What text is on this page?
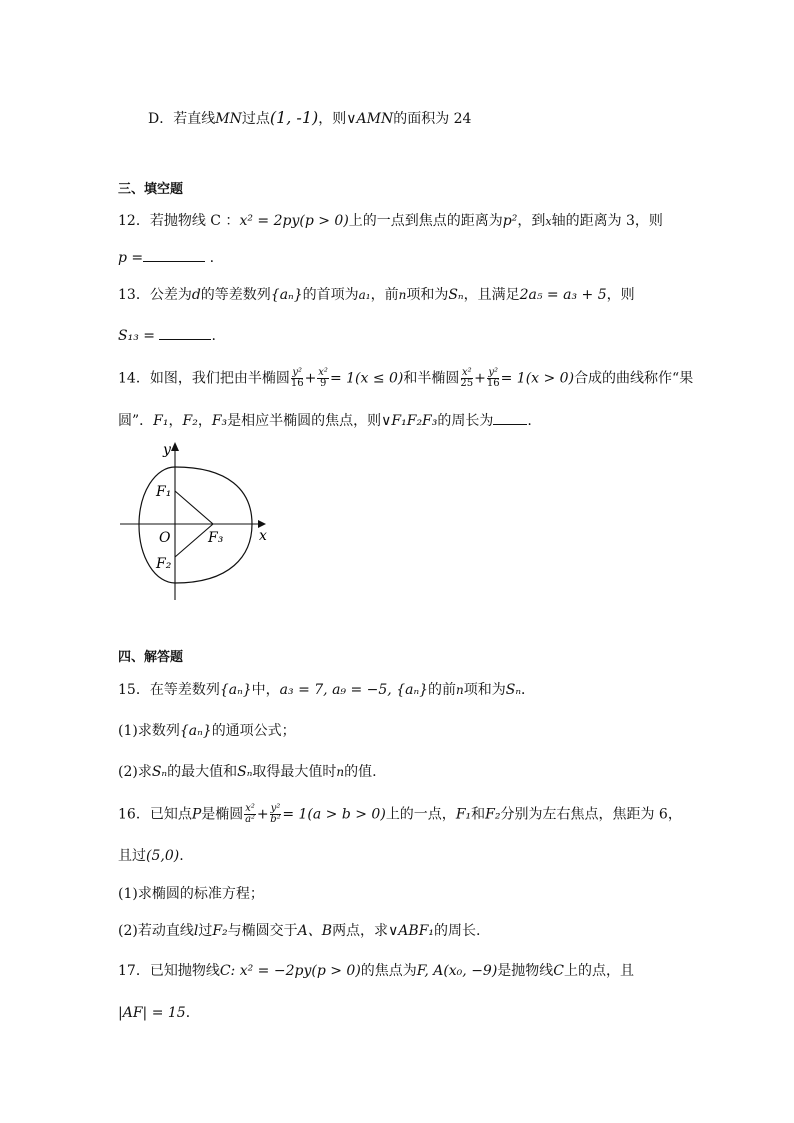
D．若直线MN过点(1, -1)，则∨AMN的面积为 24
三、填空题
12．若抛物线 C ：x² = 2py(p > 0)上的一点到焦点的距离为p²，到x轴的距离为 3，则
p =	.
13．公差为d的等差数列{aₙ}的首项为a₁，前n项和为Sₙ，且满足2a₅ = a₃ + 5，则
S₁₃ =	.
14．如图，我们把由半椭圆 $\frac{\text{y²}}{16} + \frac{\text{x²}}{9} = 1(x \le 0)$和半椭圆 $\frac{\text{x²}}{25} + \frac{\text{y²}}{16} = 1(x > 0)$合成的曲线称作“果
圆”．F₁，F₂，F₃是相应半椭圆的焦点，则∨F₁F₂F₃的周长为 .
y
x
O
F₁
F₂
F₃
四、解答题
15．在等差数列{aₙ}中，a₃ = 7, a₉ = −5, {aₙ}的前n项和为Sₙ．
(1)求数列{aₙ}的通项公式；
(2)求Sₙ的最大值和Sₙ取得最大值时n的值.
16．已知点P是椭圆 $\frac{\text{x²}}{\text{a²}} + \frac{\text{y²}}{\text{b²}} = 1(a > b > 0)$上的一点，F₁和F₂分别为左右焦点，焦距为 6，
且过(5,0).
(1)求椭圆的标准方程；
(2)若动直线l过F₂与椭圆交于A、B两点，求∨ABF₁的周长.
17．已知抛物线C: x² = −2py(p > 0)的焦点为F, A(x₀, −9)是抛物线C上的点，且
|AF| = 15．
